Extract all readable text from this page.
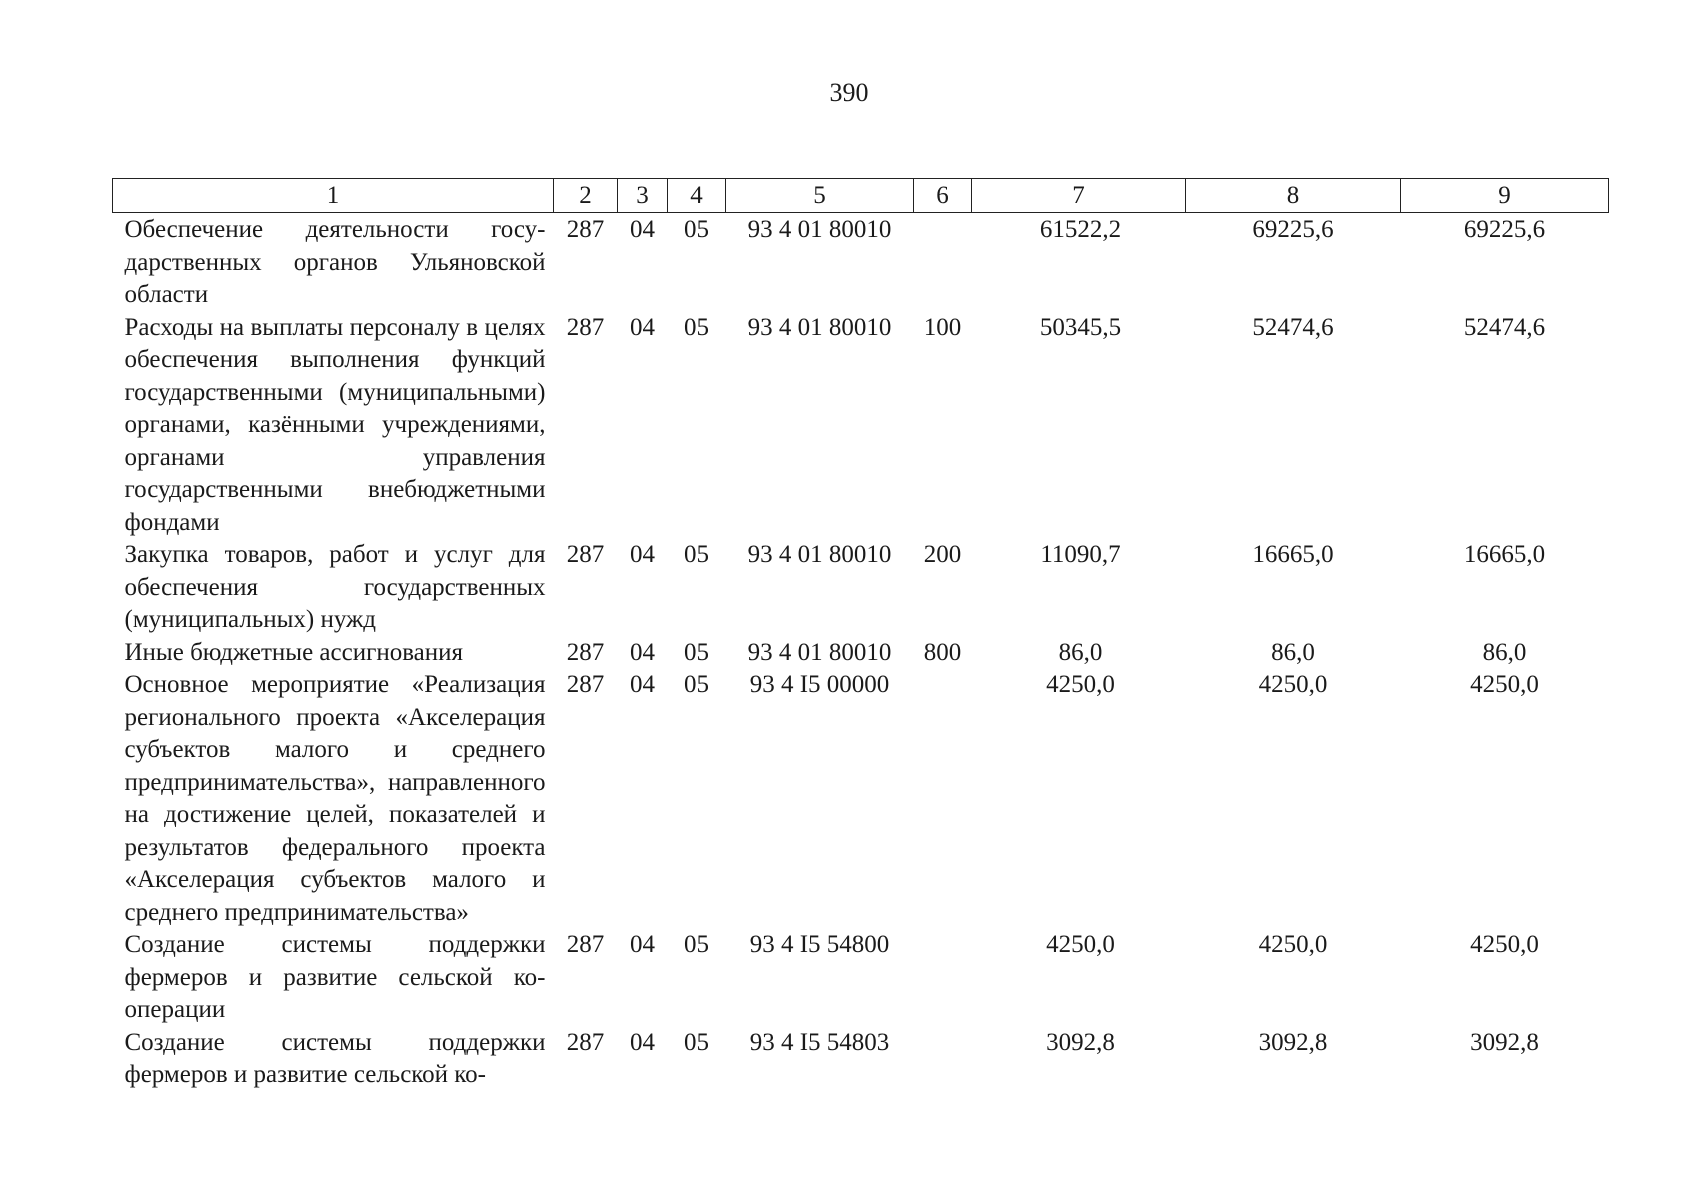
390
1	2	3	4	5	6	7	8	9
Обеспечение деятельности государственных органов Ульяновской области	287	04	05	93 4 01 80010		61522,2	69225,6	69225,6
Расходы на выплаты персоналу в целях обеспечения выполнения функций государственными (муниципальными) органами, казёнными учреждениями, органами управления государственными внебюджетными фондами	287	04	05	93 4 01 80010	100	50345,5	52474,6	52474,6
Закупка товаров, работ и услуг для обеспечения государственных (муниципальных) нужд	287	04	05	93 4 01 80010	200	11090,7	16665,0	16665,0
Иные бюджетные ассигнования	287	04	05	93 4 01 80010	800	86,0	86,0	86,0
Основное мероприятие «Реализация регионального проекта «Акселерация субъектов малого и среднего предпринимательства», направленного на достижение целей, показателей и результатов федерального проекта «Акселерация субъектов малого и среднего предпринимательства»	287	04	05	93 4 I5 00000		4250,0	4250,0	4250,0
Создание системы поддержки фермеров и развитие сельской кооперации	287	04	05	93 4 I5 54800		4250,0	4250,0	4250,0
Создание системы поддержки фермеров и развитие сельской ко-	287	04	05	93 4 I5 54803		3092,8	3092,8	3092,8
